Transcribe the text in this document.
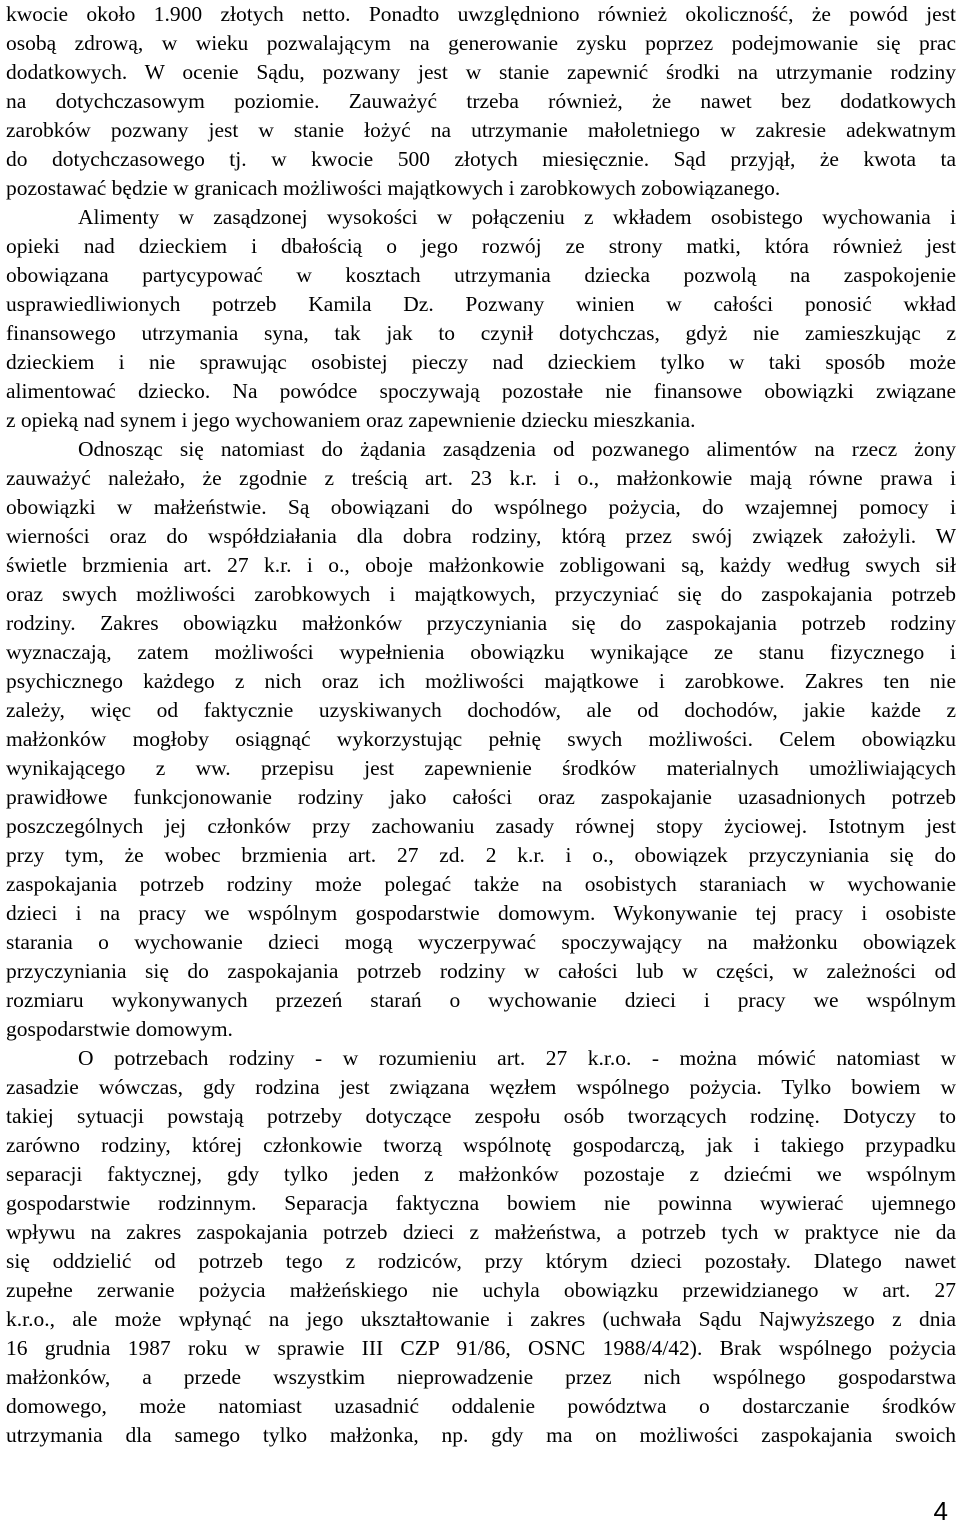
kwocie około 1.900 złotych netto. Ponadto uwzględniono również okoliczność, że powód jest
osobą zdrową, w wieku pozwalającym na generowanie zysku poprzez podejmowanie się prac
dodatkowych. W ocenie Sądu, pozwany jest w stanie zapewnić środki na utrzymanie rodziny
na dotychczasowym poziomie. Zauważyć trzeba również, że nawet bez dodatkowych
zarobków pozwany jest w stanie łożyć na utrzymanie małoletniego w zakresie adekwatnym
do dotychczasowego tj. w kwocie 500 złotych miesięcznie. Sąd przyjął, że kwota ta
pozostawać będzie w granicach możliwości majątkowych i zarobkowych zobowiązanego.
Alimenty w zasądzonej wysokości w połączeniu z wkładem osobistego wychowania i
opieki nad dzieckiem i dbałością o jego rozwój ze strony matki, która również jest
obowiązana partycypować w kosztach utrzymania dziecka pozwolą na zaspokojenie
usprawiedliwionych potrzeb Kamila Dz. Pozwany winien w całości ponosić wkład
finansowego utrzymania syna, tak jak to czynił dotychczas, gdyż nie zamieszkując z
dzieckiem i nie sprawując osobistej pieczy nad dzieckiem tylko w taki sposób może
alimentować dziecko. Na powódce spoczywają pozostałe nie finansowe obowiązki związane
z opieką nad synem i jego wychowaniem oraz zapewnienie dziecku mieszkania.
Odnosząc się natomiast do żądania zasądzenia od pozwanego alimentów na rzecz żony
zauważyć należało, że zgodnie z treścią art. 23 k.r. i o., małżonkowie mają równe prawa i
obowiązki w małżeństwie. Są obowiązani do wspólnego pożycia, do wzajemnej pomocy i
wierności oraz do współdziałania dla dobra rodziny, którą przez swój związek założyli. W
świetle brzmienia art. 27 k.r. i o., oboje małżonkowie zobligowani są, każdy według swych sił
oraz swych możliwości zarobkowych i majątkowych, przyczyniać się do zaspokajania potrzeb
rodziny. Zakres obowiązku małżonków przyczyniania się do zaspokajania potrzeb rodziny
wyznaczają, zatem możliwości wypełnienia obowiązku wynikające ze stanu fizycznego i
psychicznego każdego z nich oraz ich możliwości majątkowe i zarobkowe. Zakres ten nie
zależy, więc od faktycznie uzyskiwanych dochodów, ale od dochodów, jakie każde z
małżonków mogłoby osiągnąć wykorzystując pełnię swych możliwości. Celem obowiązku
wynikającego z ww. przepisu jest zapewnienie środków materialnych umożliwiających
prawidłowe funkcjonowanie rodziny jako całości oraz zaspokajanie uzasadnionych potrzeb
poszczególnych jej członków przy zachowaniu zasady równej stopy życiowej. Istotnym jest
przy tym, że wobec brzmienia art. 27 zd. 2 k.r. i o., obowiązek przyczyniania się do
zaspokajania potrzeb rodziny może polegać także na osobistych staraniach w wychowanie
dzieci i na pracy we wspólnym gospodarstwie domowym. Wykonywanie tej pracy i osobiste
starania o wychowanie dzieci mogą wyczerpywać spoczywający na małżonku obowiązek
przyczyniania się do zaspokajania potrzeb rodziny w całości lub w części, w zależności od
rozmiaru wykonywanych przezeń starań o wychowanie dzieci i pracy we wspólnym
gospodarstwie domowym.
O potrzebach rodziny - w rozumieniu art. 27 k.r.o. - można mówić natomiast w
zasadzie wówczas, gdy rodzina jest związana węzłem wspólnego pożycia. Tylko bowiem w
takiej sytuacji powstają potrzeby dotyczące zespołu osób tworzących rodzinę. Dotyczy to
zarówno rodziny, której członkowie tworzą wspólnotę gospodarczą, jak i takiego przypadku
separacji faktycznej, gdy tylko jeden z małżonków pozostaje z dziećmi we wspólnym
gospodarstwie rodzinnym. Separacja faktyczna bowiem nie powinna wywierać ujemnego
wpływu na zakres zaspokajania potrzeb dzieci z małżeństwa, a potrzeb tych w praktyce nie da
się oddzielić od potrzeb tego z rodziców, przy którym dzieci pozostały. Dlatego nawet
zupełne zerwanie pożycia małżeńskiego nie uchyla obowiązku przewidzianego w art. 27
k.r.o., ale może wpłynąć na jego ukształtowanie i zakres (uchwała Sądu Najwyższego z dnia
16 grudnia 1987 roku w sprawie III CZP 91/86, OSNC 1988/4/42). Brak wspólnego pożycia
małżonków, a przede wszystkim nieprowadzenie przez nich wspólnego gospodarstwa
domowego, może natomiast uzasadnić oddalenie powództwa o dostarczanie środków
utrzymania dla samego tylko małżonka, np. gdy ma on możliwości zaspokajania swoich
4
